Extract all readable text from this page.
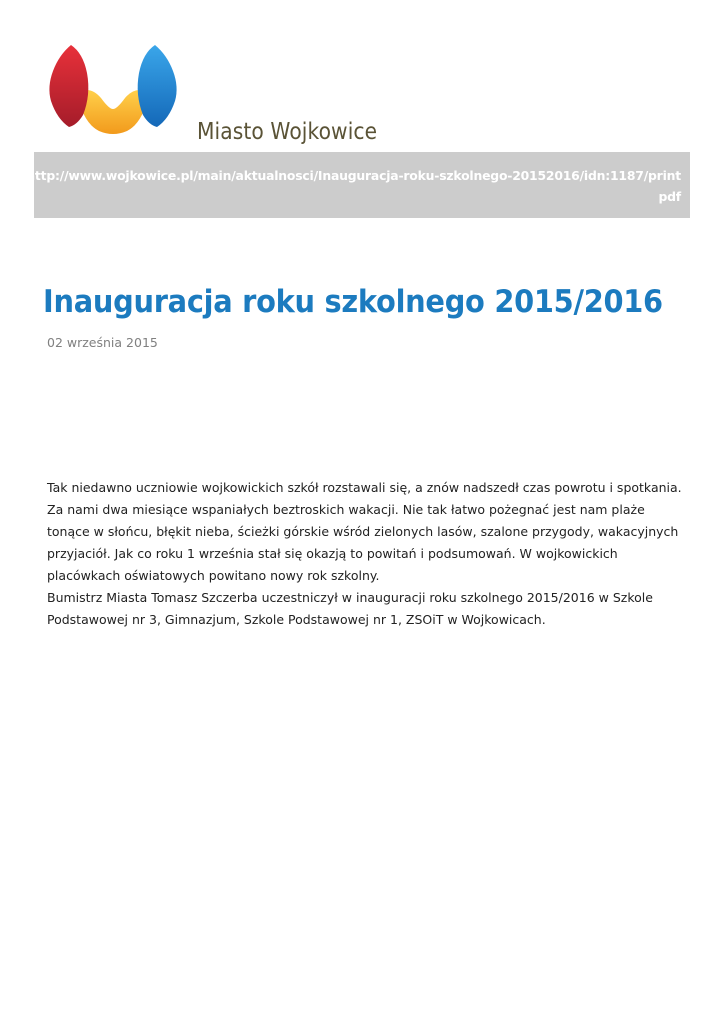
Miasto Wojkowice
http://www.wojkowice.pl/main/aktualnosci/Inauguracja-roku-szkolnego-20152016/idn:1187/printpdf
Inauguracja roku szkolnego 2015/2016
02 września 2015

Tak niedawno uczniowie wojkowickich szkół rozstawali się, a znów nadszedł czas powrotu i spotkania. Za nami dwa miesiące wspaniałych beztroskich wakacji. Nie tak łatwo pożegnać jest nam plaże tonące w słońcu, błękit nieba, ścieżki górskie wśród zielonych lasów, szalone przygody, wakacyjnych przyjaciół. Jak co roku 1 września stał się okazją to powitań i podsumowań. W wojkowickich placówkach oświatowych powitano nowy rok szkolny.

Bumistrz Miasta Tomasz Szczerba uczestniczył w inauguracji roku szkolnego 2015/2016 w Szkole Podstawowej nr 3, Gimnazjum, Szkole Podstawowej nr 1, ZSOiT w Wojkowicach.
